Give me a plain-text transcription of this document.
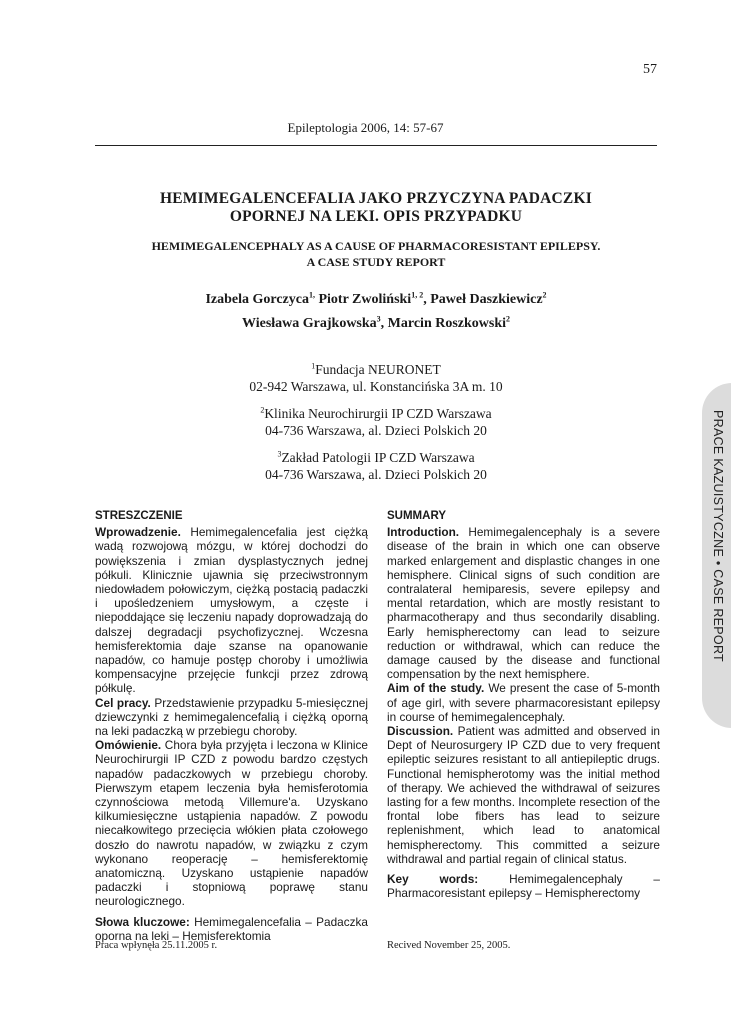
57
Epileptologia 2006, 14: 57-67
HEMIMEGALENCEFALIA JAKO PRZYCZYNA PADACZKI
OPORNEJ NA LEKI. OPIS PRZYPADKU
HEMIMEGALENCEPHALY AS A CAUSE OF PHARMACORESISTANT EPILEPSY.
A CASE STUDY REPORT
Izabela Gorczyca$^{1,}$ Piotr Zwoliński$^{1, 2}$, Paweł Daszkiewicz$^2$
Wiesława Grajkowska$^3$, Marcin Roszkowski$^2$
$^1$Fundacja NEURONET
02-942 Warszawa, ul. Konstancińska 3A m. 10
$^2$Klinika Neurochirurgii IP CZD Warszawa
04-736 Warszawa, al. Dzieci Polskich 20
$^3$Zakład Patologii IP CZD Warszawa
04-736 Warszawa, al. Dzieci Polskich 20
STRESZCZENIE

Wprowadzenie. Hemimegalencefalia jest ciężką wadą rozwojową mózgu, w której dochodzi do powiększenia i zmian dysplastycznych jednej półkuli. Klinicznie ujawnia się przeciwstronnym niedowładem połowiczym, ciężką postacią padaczki i upośledzeniem umysłowym, a częste i niepoddające się leczeniu napady doprowadzają do dalszej degradacji psychofizycznej. Wczesna hemisferektomia daje szanse na opanowanie napadów, co hamuje postęp choroby i umożliwia kompensacyjne przejęcie funkcji przez zdrową półkulę.

Cel pracy. Przedstawienie przypadku 5-miesięcznej dziewczynki z hemimegalencefalią i ciężką oporną na leki padaczką w przebiegu choroby.

Omówienie. Chora była przyjęta i leczona w Klinice Neurochirurgii IP CZD z powodu bardzo częstych napadów padaczkowych w przebiegu choroby. Pierwszym etapem leczenia była hemisferotomia czynnościowa metodą Villemure'a. Uzyskano kilkumiesięczne ustąpienia napadów. Z powodu niecałkowitego przecięcia włókien płata czołowego doszło do nawrotu napadów, w związku z czym wykonano reoperację – hemisferektomię anatomiczną. Uzyskano ustąpienie napadów padaczki i stopniową poprawę stanu neurologicznego.

Słowa kluczowe: Hemimegalencefalia – Padaczka oporna na leki – Hemisferektomia

SUMMARY

Introduction. Hemimegalencephaly is a severe disease of the brain in which one can observe marked enlargement and displastic changes in one hemisphere. Clinical signs of such condition are contralateral hemiparesis, severe epilepsy and mental retardation, which are mostly resistant to pharmacotherapy and thus secondarily disabling. Early hemispherectomy can lead to seizure reduction or withdrawal, which can reduce the damage caused by the disease and functional compensation by the next hemisphere.

Aim of the study. We present the case of 5-month of age girl, with severe pharmacoresistant epilepsy in course of hemimegalencephaly.

Discussion. Patient was admitted and observed in Dept of Neurosurgery IP CZD due to very frequent epileptic seizures resistant to all antiepileptic drugs. Functional hemispherotomy was the initial method of therapy. We achieved the withdrawal of seizures lasting for a few months. Incomplete resection of the frontal lobe fibers has lead to seizure replenishment, which lead to anatomical hemispherectomy. This committed a seizure withdrawal and partial regain of clinical status.

Key words: Hemimegalencephaly – Pharmacoresistant epilepsy – Hemispherectomy

Praca wpłynęła 25.11.2005 r.	Recived November 25, 2005.
PRACE KAZUISTYCZNE • CASE REPORT
